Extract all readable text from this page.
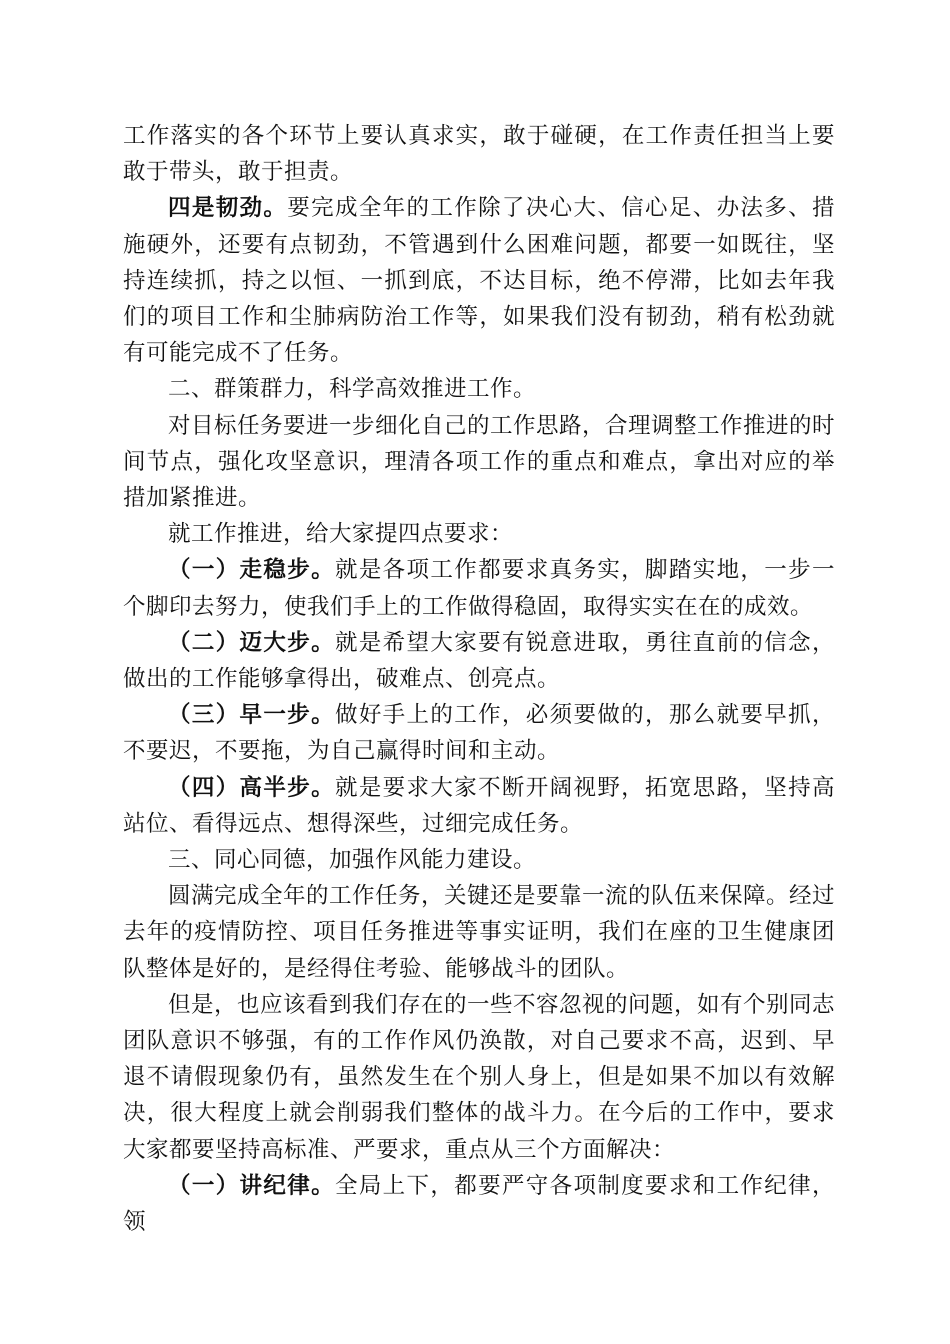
工作落实的各个环节上要认真求实，敢于碰硬，在工作责任担当上要敢于带头，敢于担责。

四是韧劲。要完成全年的工作除了决心大、信心足、办法多、措施硬外，还要有点韧劲，不管遇到什么困难问题，都要一如既往，坚持连续抓，持之以恒、一抓到底，不达目标，绝不停滞，比如去年我们的项目工作和尘肺病防治工作等，如果我们没有韧劲，稍有松劲就有可能完成不了任务。

二、群策群力，科学高效推进工作。

对目标任务要进一步细化自己的工作思路，合理调整工作推进的时间节点，强化攻坚意识，理清各项工作的重点和难点，拿出对应的举措加紧推进。

就工作推进，给大家提四点要求：

（一）走稳步。就是各项工作都要求真务实，脚踏实地，一步一个脚印去努力，使我们手上的工作做得稳固，取得实实在在的成效。

（二）迈大步。就是希望大家要有锐意进取，勇往直前的信念，做出的工作能够拿得出，破难点、创亮点。

（三）早一步。做好手上的工作，必须要做的，那么就要早抓，不要迟，不要拖，为自己赢得时间和主动。

（四）高半步。就是要求大家不断开阔视野，拓宽思路，坚持高站位、看得远点、想得深些，过细完成任务。

三、同心同德，加强作风能力建设。

圆满完成全年的工作任务，关键还是要靠一流的队伍来保障。经过去年的疫情防控、项目任务推进等事实证明，我们在座的卫生健康团队整体是好的，是经得住考验、能够战斗的团队。

但是，也应该看到我们存在的一些不容忽视的问题，如有个别同志团队意识不够强，有的工作作风仍涣散，对自己要求不高，迟到、早退不请假现象仍有，虽然发生在个别人身上，但是如果不加以有效解决，很大程度上就会削弱我们整体的战斗力。在今后的工作中，要求大家都要坚持高标准、严要求，重点从三个方面解决：

（一）讲纪律。全局上下，都要严守各项制度要求和工作纪律，领
